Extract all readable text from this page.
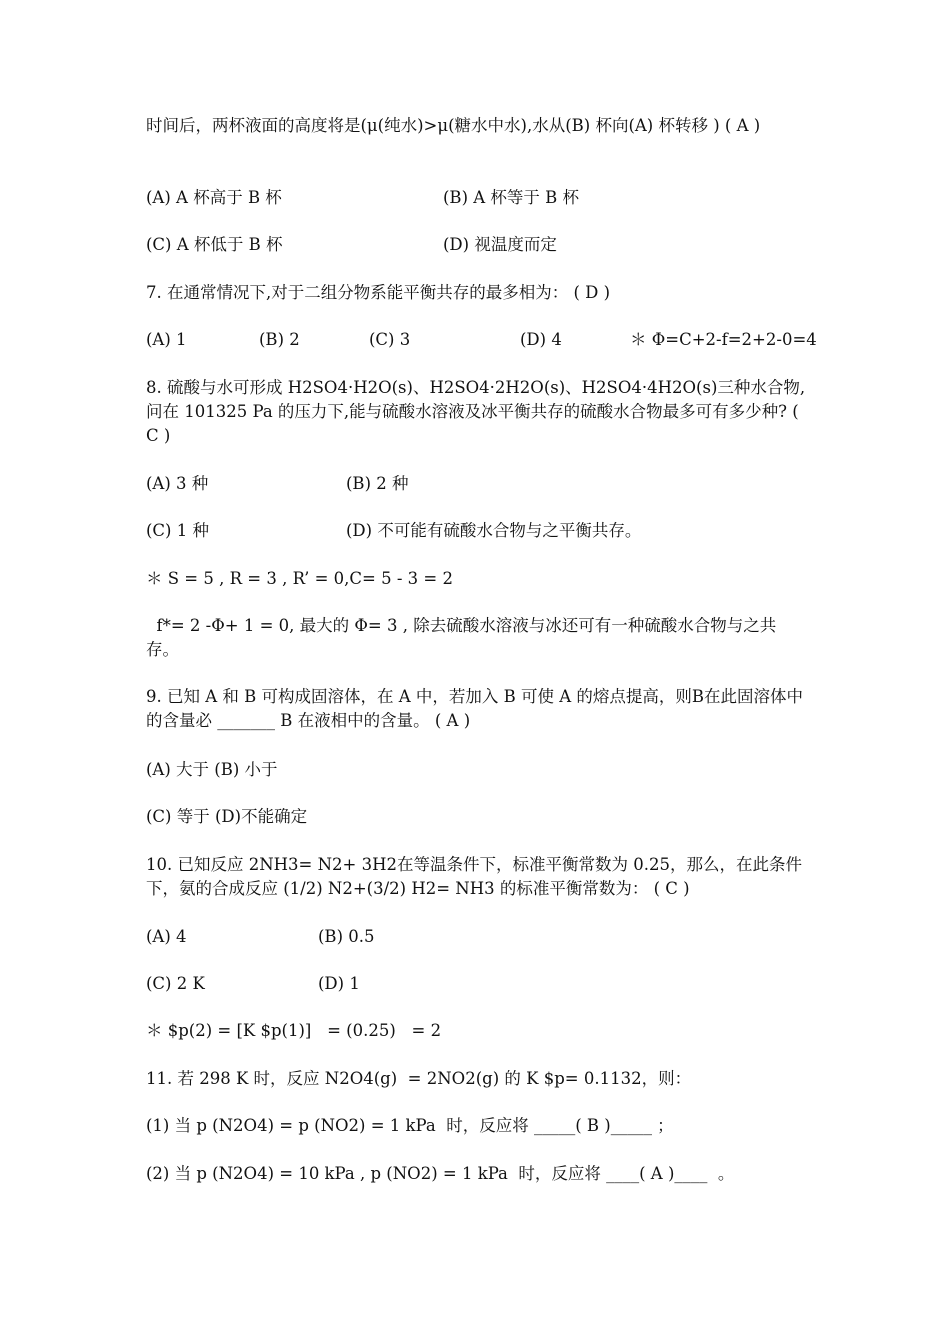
时间后，两杯液面的高度将是(μ(纯水)>μ(糖水中水),水从(B) 杯向(A) 杯转移 ) ( A )
(A) A 杯高于 B 杯	(B) A 杯等于 B 杯
(C) A 杯低于 B 杯	(D) 视温度而定
7. 在通常情况下,对于二组分物系能平衡共存的最多相为： ( D )
(A) 1	(B) 2	(C) 3	(D) 4	＊ Φ=C+2-f=2+2-0=4
8. 硫酸与水可形成 H2SO4·H2O(s)、H2SO4·2H2O(s)、H2SO4·4H2O(s)三种水合物,问在 101325 Pa 的压力下,能与硫酸水溶液及冰平衡共存的硫酸水合物最多可有多少种? ( C )
(A) 3 种	(B) 2 种
(C) 1 种	(D) 不可能有硫酸水合物与之平衡共存。
＊ S = 5 , R = 3 , R’ = 0,C= 5 - 3 = 2
f*= 2 -Φ+ 1 = 0, 最大的 Φ= 3 , 除去硫酸水溶液与冰还可有一种硫酸水合物与之共存。
9. 已知 A 和 B 可构成固溶体，在 A 中，若加入 B 可使 A 的熔点提高，则B在此固溶体中的含量必 _______ B 在液相中的含量。 ( A )
(A) 大于 (B) 小于
(C) 等于 (D)不能确定
10. 已知反应 2NH3= N2+ 3H2在等温条件下，标准平衡常数为 0.25，那么，在此条件下，氨的合成反应 (1/2) N2+(3/2) H2= NH3 的标准平衡常数为： ( C )
(A) 4	(B) 0.5
(C) 2 K	(D) 1
＊ $p(2) = [K $p(1)]   = (0.25)   = 2
11. 若 298 K 时，反应 N2O4(g)  = 2NO2(g) 的 K $p= 0.1132，则：
(1) 当 p (N2O4) = p (NO2) = 1 kPa  时，反应将 _____( B )_____ ；
(2) 当 p (N2O4) = 10 kPa , p (NO2) = 1 kPa  时，反应将 ____( A )____  。
